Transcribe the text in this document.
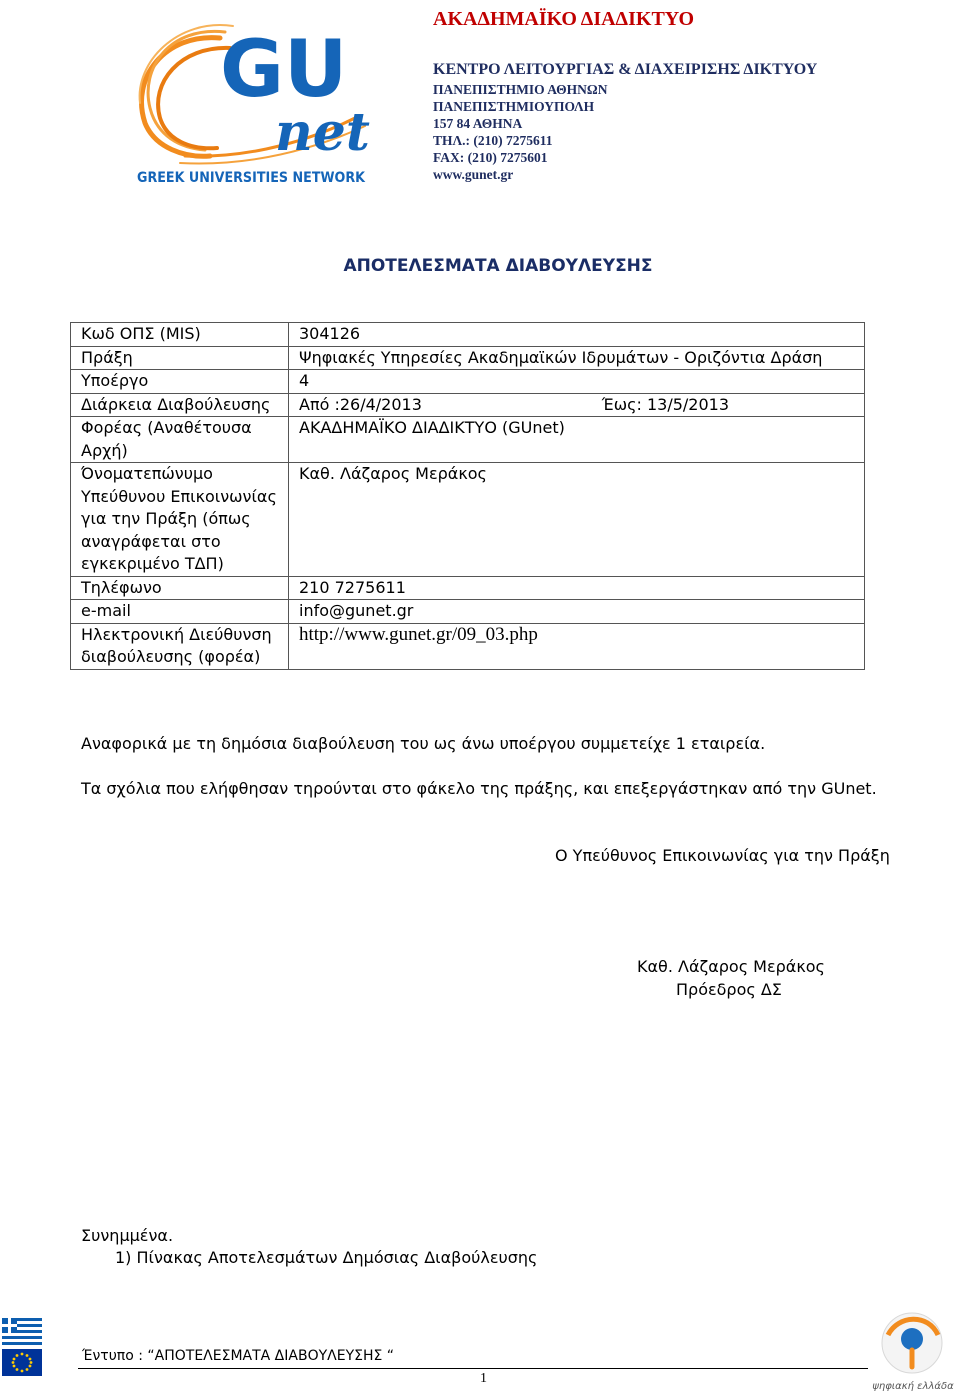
GU
net
GREEK UNIVERSITIES NETWORK
ΑΚΑΔΗΜΑΪΚΟ ΔΙΑΔΙΚΤΥΟ
ΚΕΝΤΡΟ ΛΕΙΤΟΥΡΓΙΑΣ & ΔΙΑΧΕΙΡΙΣΗΣ ΔΙΚΤΥΟΥ
ΠΑΝΕΠΙΣΤΗΜΙΟ ΑΘΗΝΩΝ
ΠΑΝΕΠΙΣΤΗΜΙΟΥΠΟΛΗ
157 84 ΑΘΗΝΑ
ΤΗΛ.: (210) 7275611
FAX: (210) 7275601
www.gunet.gr
ΑΠΟΤΕΛΕΣΜΑΤΑ ΔΙΑΒΟΥΛΕΥΣΗΣ
Κωδ ΟΠΣ (MIS)	304126
Πράξη	Ψηφιακές Υπηρεσίες Ακαδημαϊκών Ιδρυμάτων - Οριζόντια Δράση
Υποέργο	4
Διάρκεια Διαβούλευσης	Από :26/4/2013 Έως: 13/5/2013

Φορέας (Αναθέτουσα Αρχή)	ΑΚΑΔΗΜΑΪΚΟ ΔΙΑΔΙΚΤΥΟ (GUnet)
Όνοματεπώνυμο Υπεύθυνου Επικοινωνίας για την Πράξη (όπως αναγράφεται στο εγκεκριμένο ΤΔΠ)	Καθ. Λάζαρος Μεράκος
Τηλέφωνο	210 7275611
e-mail	info@gunet.gr
Ηλεκτρονική Διεύθυνση διαβούλευσης (φορέα)	http://www.gunet.gr/09_03.php
Αναφορικά με τη δημόσια διαβούλευση του ως άνω υποέργου συμμετείχε 1 εταιρεία.
Τα σχόλια που ελήφθησαν τηρούνται στο φάκελο της πράξης, και επεξεργάστηκαν από την GUnet.
Ο Υπεύθυνος Επικοινωνίας για την Πράξη
Καθ. Λάζαρος Μεράκος
Πρόεδρος ΔΣ
Συνημμένα.
1) Πίνακας Αποτελεσμάτων Δημόσιας Διαβούλευσης
Έντυπο : “ΑΠΟΤΕΛΕΣΜΑΤΑ ΔΙΑΒΟΥΛΕΥΣΗΣ “
1
ψηφιακή ελλάδα
